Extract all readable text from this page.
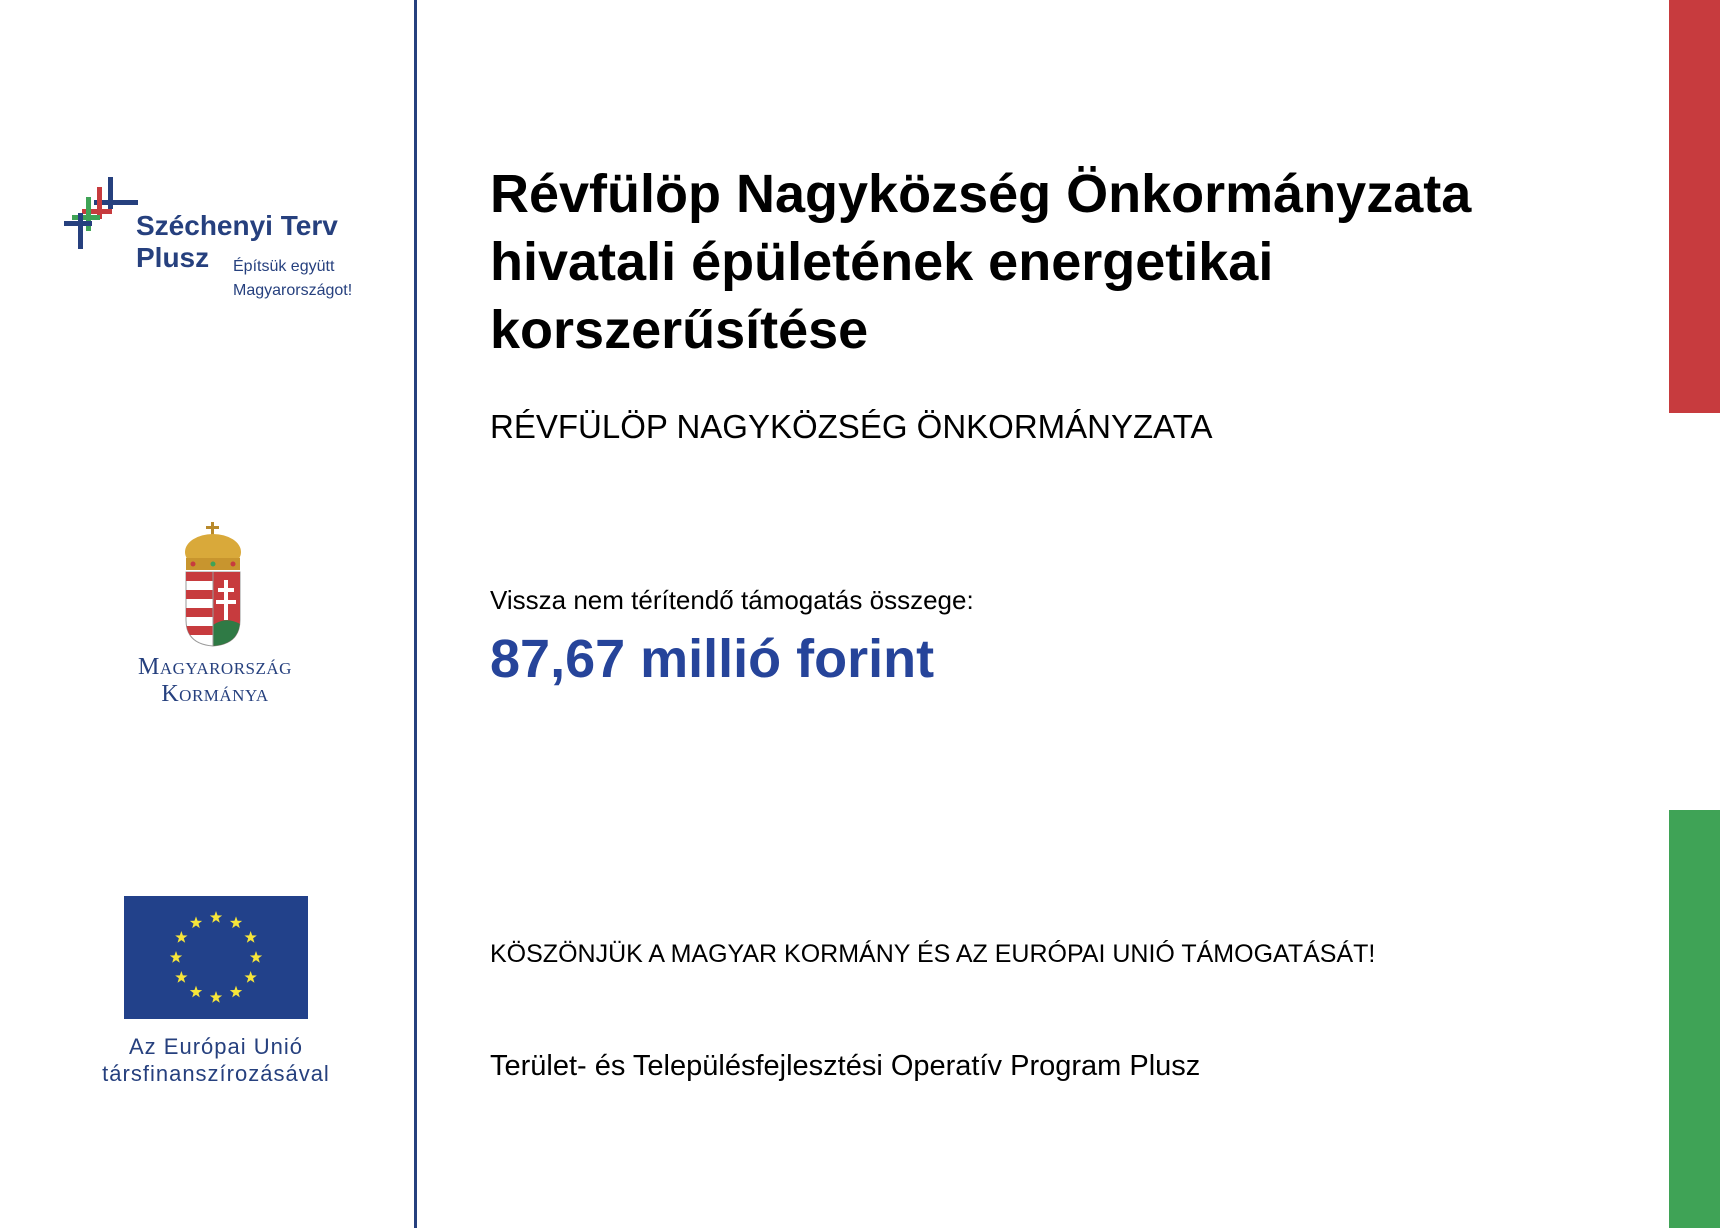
Széchenyi Terv
Plusz Építsük együtt
Magyarországot!
Magyarország
Kormánya
Az Európai Unió
társfinanszírozásával
Révfülöp Nagyközség Önkormányzata hivatali épületének energetikai korszerűsítése
RÉVFÜLÖP NAGYKÖZSÉG ÖNKORMÁNYZATA
Vissza nem térítendő támogatás összege:
87,67 millió forint
KÖSZÖNJÜK A MAGYAR KORMÁNY ÉS AZ EURÓPAI UNIÓ TÁMOGATÁSÁT!
Terület- és Településfejlesztési Operatív Program Plusz
